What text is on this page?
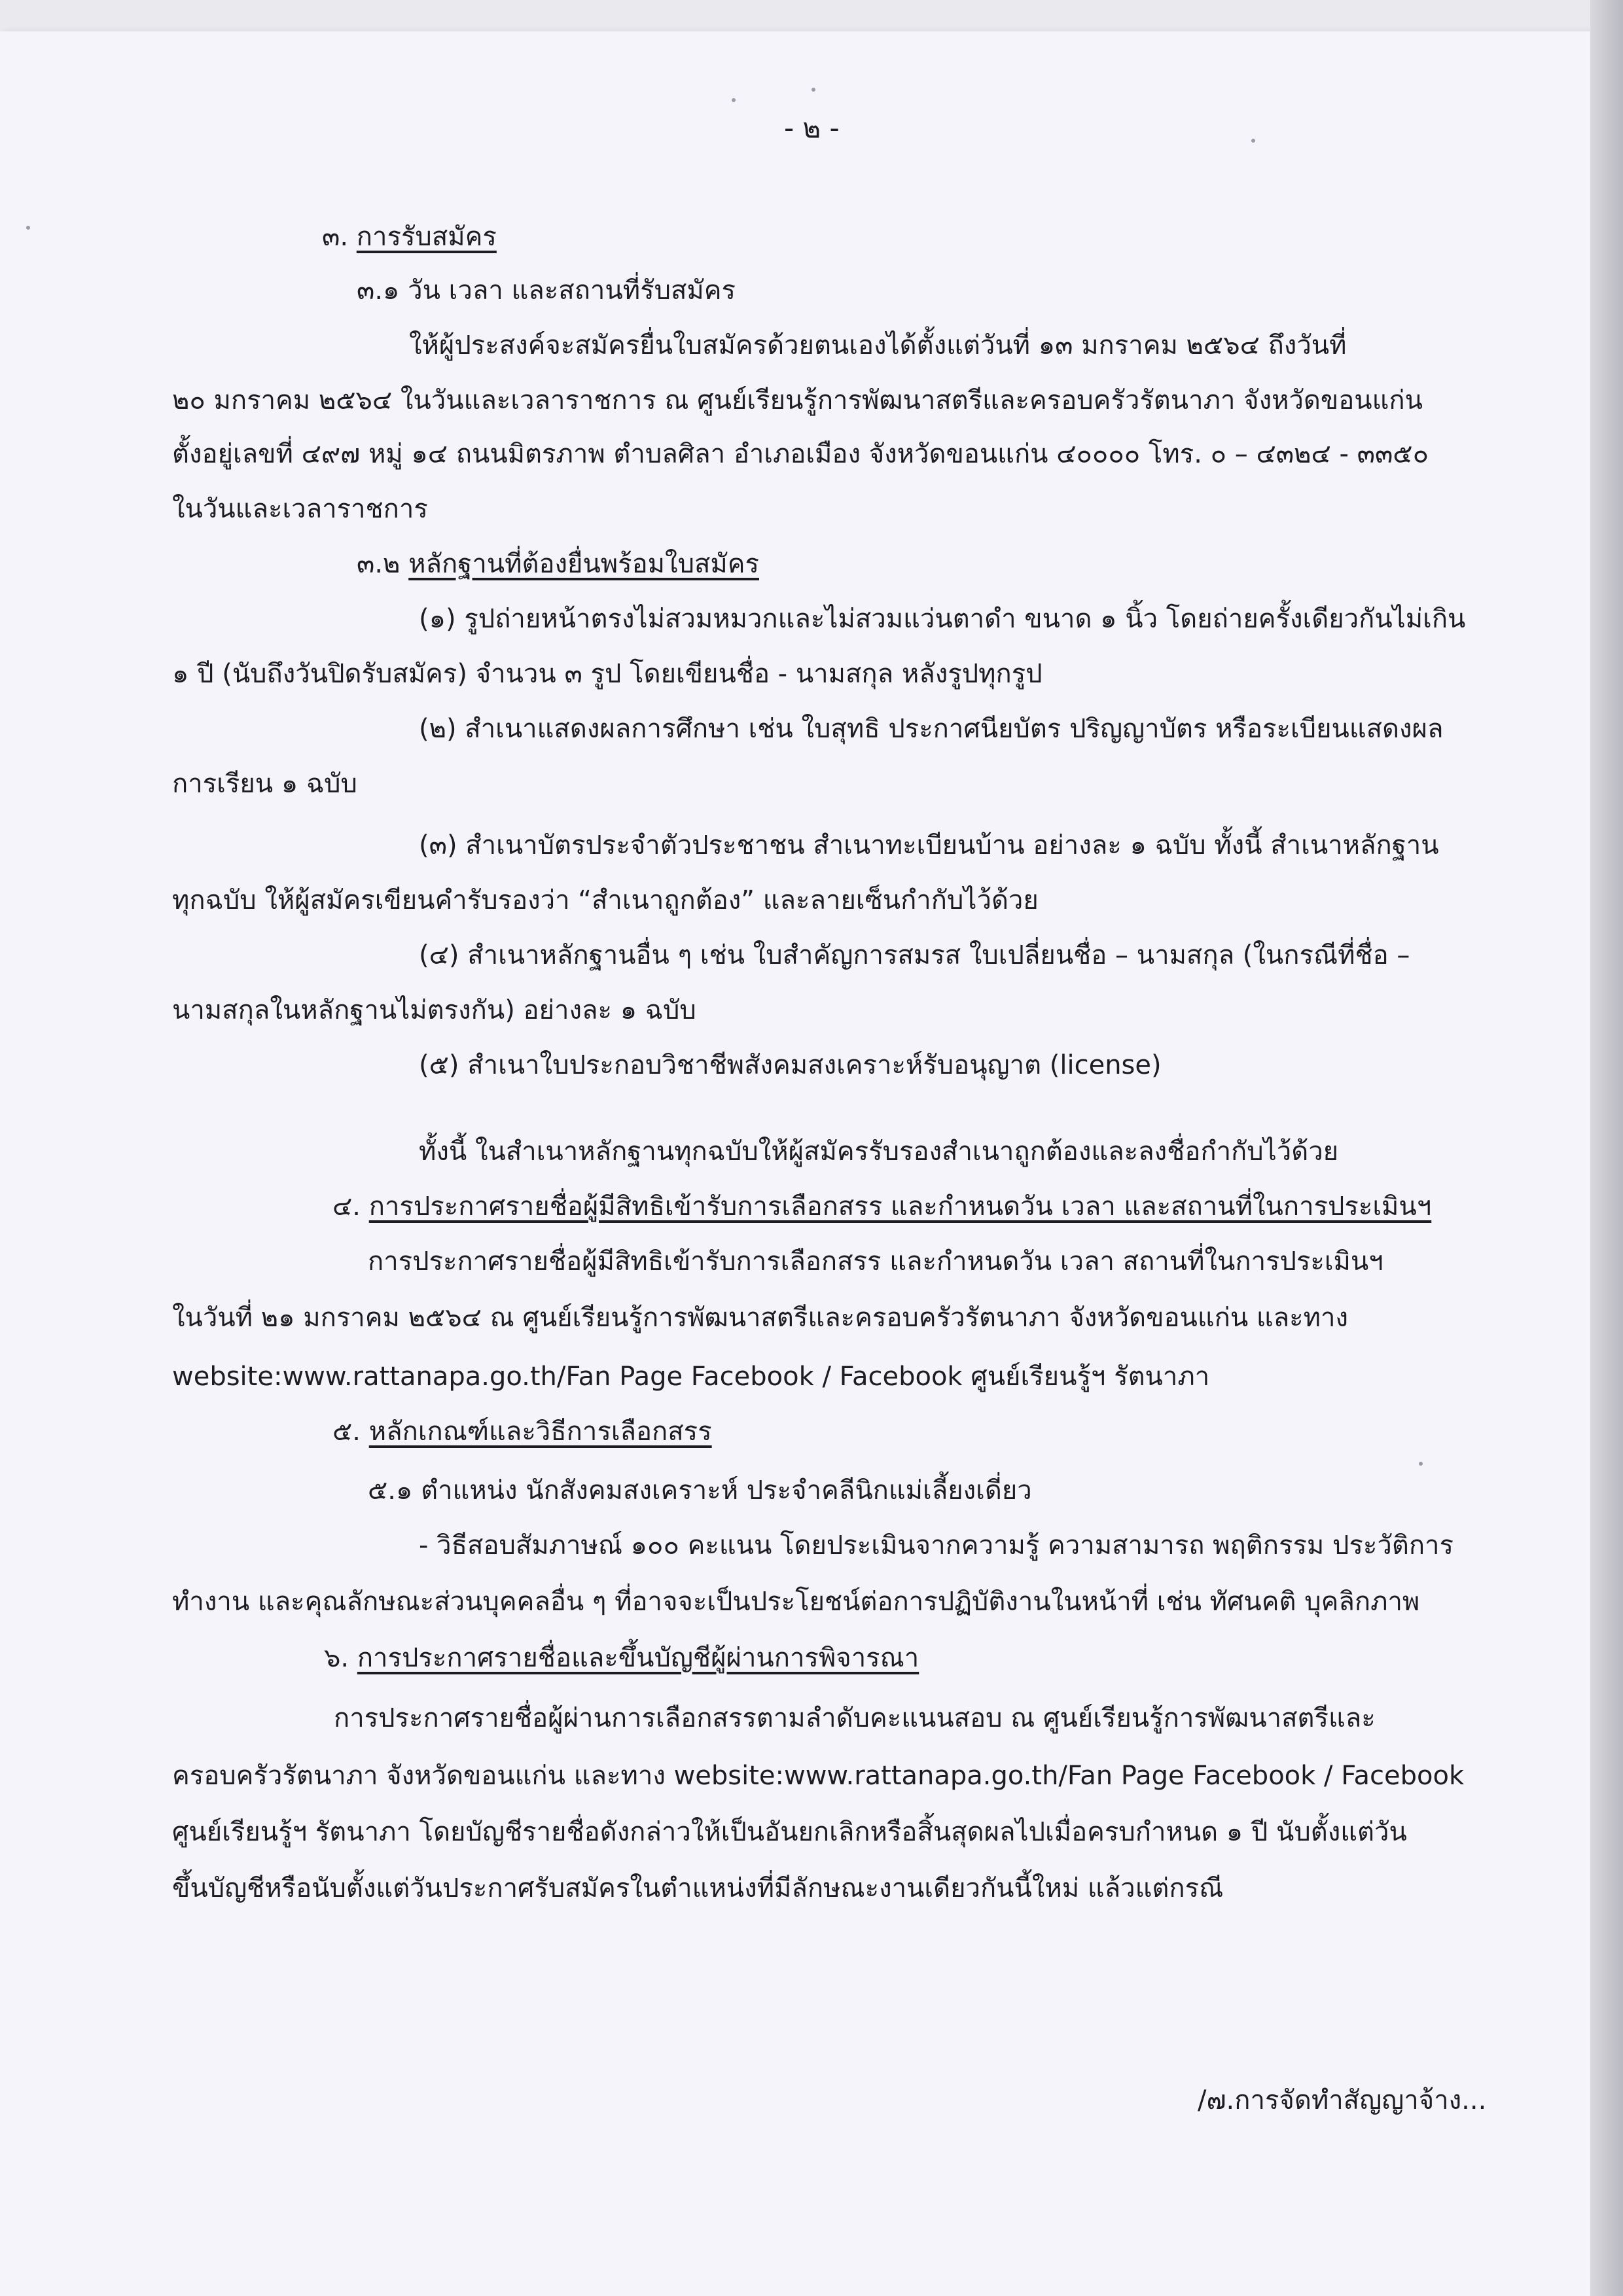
- ๒ -
๓. การรับสมัคร
๓.๑ วัน เวลา และสถานที่รับสมัคร
ให้ผู้ประสงค์จะสมัครยื่นใบสมัครด้วยตนเองได้ตั้งแต่วันที่ ๑๓ มกราคม ๒๕๖๔ ถึงวันที่
๒๐ มกราคม ๒๕๖๔ ในวันและเวลาราชการ ณ ศูนย์เรียนรู้การพัฒนาสตรีและครอบครัวรัตนาภา จังหวัดขอนแก่น
ตั้งอยู่เลขที่ ๔๙๗ หมู่ ๑๔ ถนนมิตรภาพ ตำบลศิลา อำเภอเมือง จังหวัดขอนแก่น ๔๐๐๐๐ โทร. ๐ – ๔๓๒๔ - ๓๓๕๐
ในวันและเวลาราชการ
๓.๒ หลักฐานที่ต้องยื่นพร้อมใบสมัคร
(๑) รูปถ่ายหน้าตรงไม่สวมหมวกและไม่สวมแว่นตาดำ ขนาด ๑ นิ้ว โดยถ่ายครั้งเดียวกันไม่เกิน
๑ ปี (นับถึงวันปิดรับสมัคร) จำนวน ๓ รูป โดยเขียนชื่อ - นามสกุล หลังรูปทุกรูป
(๒) สำเนาแสดงผลการศึกษา เช่น ใบสุทธิ ประกาศนียบัตร ปริญญาบัตร หรือระเบียนแสดงผล
การเรียน ๑ ฉบับ
(๓) สำเนาบัตรประจำตัวประชาชน สำเนาทะเบียนบ้าน อย่างละ ๑ ฉบับ ทั้งนี้ สำเนาหลักฐาน
ทุกฉบับ ให้ผู้สมัครเขียนคำรับรองว่า “สำเนาถูกต้อง” และลายเซ็นกำกับไว้ด้วย
(๔) สำเนาหลักฐานอื่น ๆ เช่น ใบสำคัญการสมรส ใบเปลี่ยนชื่อ – นามสกุล (ในกรณีที่ชื่อ –
นามสกุลในหลักฐานไม่ตรงกัน) อย่างละ ๑ ฉบับ
(๕) สำเนาใบประกอบวิชาชีพสังคมสงเคราะห์รับอนุญาต (license)
ทั้งนี้ ในสำเนาหลักฐานทุกฉบับให้ผู้สมัครรับรองสำเนาถูกต้องและลงชื่อกำกับไว้ด้วย
๔. การประกาศรายชื่อผู้มีสิทธิเข้ารับการเลือกสรร และกำหนดวัน เวลา และสถานที่ในการประเมินฯ
การประกาศรายชื่อผู้มีสิทธิเข้ารับการเลือกสรร และกำหนดวัน เวลา สถานที่ในการประเมินฯ
ในวันที่ ๒๑ มกราคม ๒๕๖๔ ณ ศูนย์เรียนรู้การพัฒนาสตรีและครอบครัวรัตนาภา จังหวัดขอนแก่น และทาง
website:www.rattanapa.go.th/Fan Page Facebook / Facebook ศูนย์เรียนรู้ฯ รัตนาภา
๕. หลักเกณฑ์และวิธีการเลือกสรร
๕.๑ ตำแหน่ง นักสังคมสงเคราะห์ ประจำคลีนิกแม่เลี้ยงเดี่ยว
- วิธีสอบสัมภาษณ์ ๑๐๐ คะแนน โดยประเมินจากความรู้ ความสามารถ พฤติกรรม ประวัติการ
ทำงาน และคุณลักษณะส่วนบุคคลอื่น ๆ ที่อาจจะเป็นประโยชน์ต่อการปฏิบัติงานในหน้าที่ เช่น ทัศนคติ บุคลิกภาพ
๖. การประกาศรายชื่อและขึ้นบัญชีผู้ผ่านการพิจารณา
การประกาศรายชื่อผู้ผ่านการเลือกสรรตามลำดับคะแนนสอบ ณ ศูนย์เรียนรู้การพัฒนาสตรีและ
ครอบครัวรัตนาภา จังหวัดขอนแก่น และทาง website:www.rattanapa.go.th/Fan Page Facebook / Facebook
ศูนย์เรียนรู้ฯ รัตนาภา โดยบัญชีรายชื่อดังกล่าวให้เป็นอันยกเลิกหรือสิ้นสุดผลไปเมื่อครบกำหนด ๑ ปี นับตั้งแต่วัน
ขึ้นบัญชีหรือนับตั้งแต่วันประกาศรับสมัครในตำแหน่งที่มีลักษณะงานเดียวกันนี้ใหม่ แล้วแต่กรณี
/๗.การจัดทำสัญญาจ้าง...
